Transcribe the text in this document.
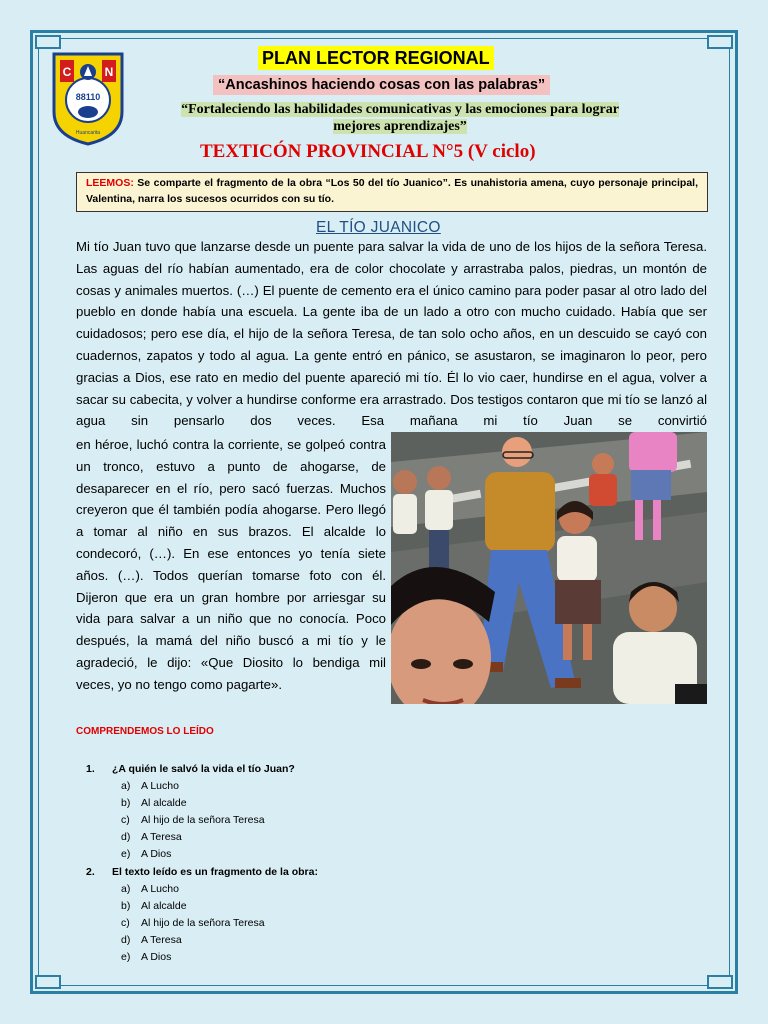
C	N
88110
Huancarita
PLAN LECTOR REGIONAL
“Ancashinos haciendo cosas con las palabras”
“Fortaleciendo las habilidades comunicativas y las emociones para lograr
mejores aprendizajes”
TEXTICÓN PROVINCIAL N°5 (V ciclo)
LEEMOS: Se comparte el fragmento de la obra “Los 50 del tío Juanico”. Es unahistoria amena, cuyo personaje principal, Valentina, narra los sucesos ocurridos con su tío.
EL TÍO JUANICO
Mi tío Juan tuvo que lanzarse desde un puente para salvar la vida de uno de los hijos de la señora Teresa. Las aguas del río habían aumentado, era de color chocolate y arrastraba palos, piedras, un montón de cosas y animales muertos. (…) El puente de cemento era el único camino para poder pasar al otro lado del pueblo en donde había una escuela. La gente iba de un lado a otro con mucho cuidado. Había que ser cuidadosos; pero ese día, el hijo de la señora Teresa, de tan solo ocho años, en un descuido se cayó con cuadernos, zapatos y todo al agua. La gente entró en pánico, se asustaron, se imaginaron lo peor, pero gracias a Dios, ese rato en medio del puente apareció mi tío. Él lo vio caer, hundirse en el agua, volver a sacar su cabecita, y volver a hundirse conforme era arrastrado. Dos testigos contaron que mi tío se lanzó al agua sin pensarlo dos veces. Esa mañana mi tío Juan se convirtió
en héroe, luchó contra la corriente, se golpeó contra un tronco, estuvo a punto de ahogarse, de desaparecer en el río, pero sacó fuerzas. Muchos creyeron que él también podía ahogarse. Pero llegó a tomar al niño en sus brazos. El alcalde lo condecoró, (…). En ese entonces yo tenía siete años. (…). Todos querían tomarse foto con él. Dijeron que era un gran hombre por arriesgar su vida para salvar a un niño que no conocía. Poco después, la mamá del niño buscó a mi tío y le agradeció, le dijo: «Que Diosito lo bendiga mil veces, yo no tengo como pagarte».
COMPRENDEMOS LO LEÍDO
1. ¿A quién le salvó la vida el tío Juan?
a) A Lucho
b) Al alcalde
c) Al hijo de la señora Teresa
d) A Teresa
e) A Dios
2. El texto leído es un fragmento de la obra:
a) A Lucho
b) Al alcalde
c) Al hijo de la señora Teresa
d) A Teresa
e) A Dios
